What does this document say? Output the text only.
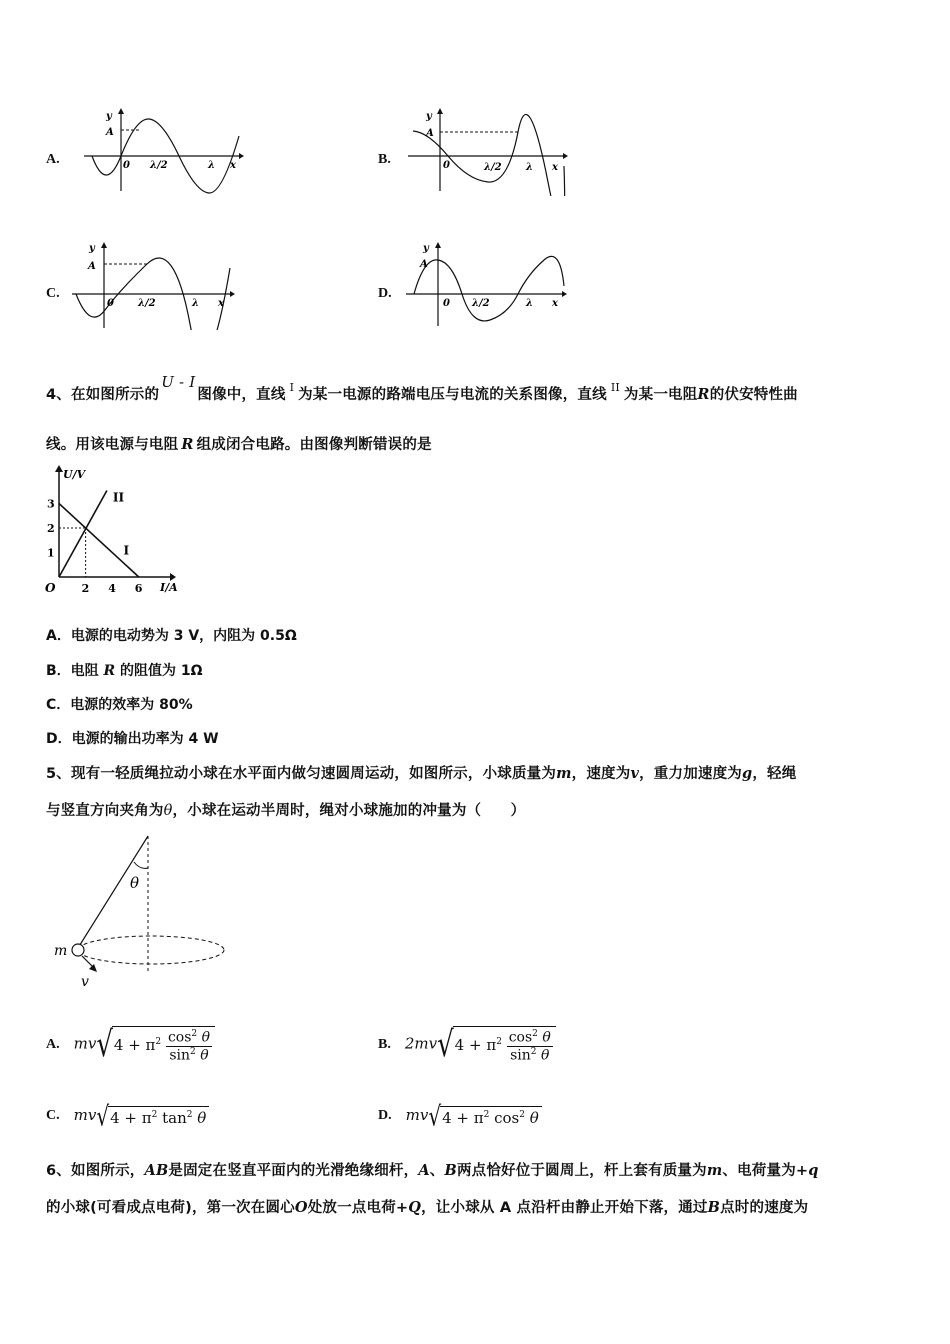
A.
y
A
0 λ/2	λ x	B.
y
A
0	λ/2 λ x
C.
y
A
0 λ/2	λ x
D.
y
A
0 λ/2	λ x
4、在如图所示的U - I图像中，直线 $^I$ 为某一电源的路端电压与电流的关系图像，直线 $^{II}$ 为某一电阻R的伏安特性曲
线。用该电源与电阻 R 组成闭合电路。由图像判断错误的是
3
2
1
2 4 6
O
U/V
I/A
I
II
A．电源的电动势为 3 V，内阻为 0.5Ω
B．电阻 R 的阻值为 1Ω
C．电源的效率为 80%
D．电源的输出功率为 4 W
5、现有一轻质绳拉动小球在水平面内做匀速圆周运动，如图所示，小球质量为m，速度为v，重力加速度为g，轻绳
与竖直方向夹角为θ，小球在运动半周时，绳对小球施加的冲量为（　　）
θ
m
v
A. $mv√4 + \pi^2 \frac{\cos^2 \theta}{\sin^2 \theta}$	B. $2mv√4 + \pi^2 \frac{\cos^2 \theta}{\sin^2 \theta}$
C. $mv√4 + \pi^2$ $\tan^2 \theta$	D. $mv√4 + \pi^2$ $\cos^2 \theta$
6、如图所示，AB是固定在竖直平面内的光滑绝缘细杆，A、B两点恰好位于圆周上，杆上套有质量为m、电荷量为+q
的小球(可看成点电荷)，第一次在圆心O处放一点电荷+Q，让小球从 A 点沿杆由静止开始下落，通过B点时的速度为
